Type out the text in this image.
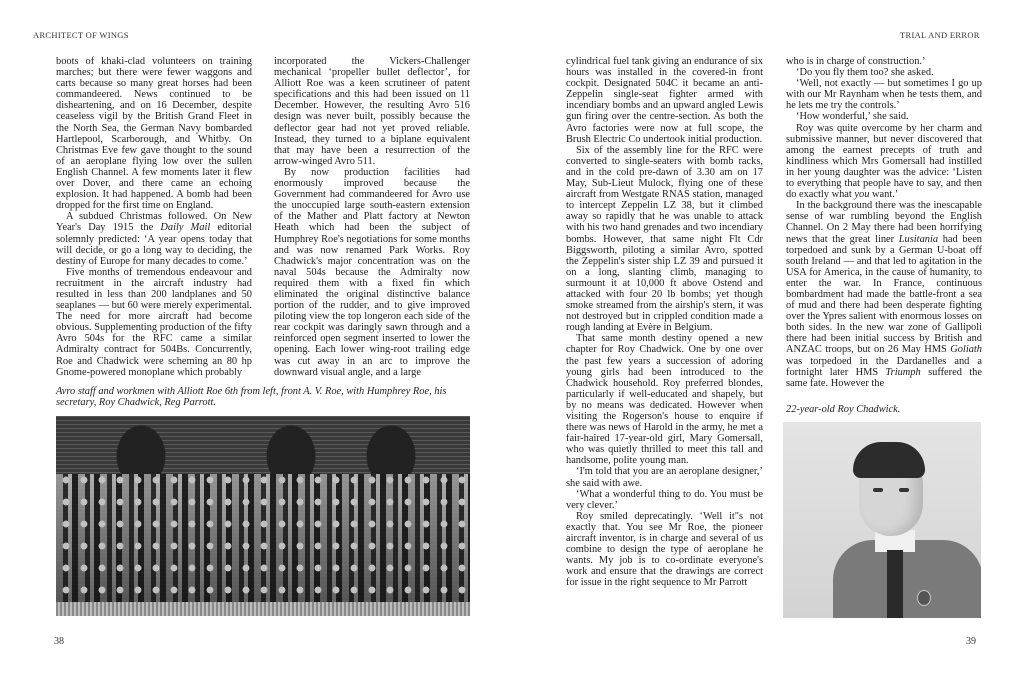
ARCHITECT OF WINGS

boots of khaki-clad volunteers on training marches; but there were fewer waggons and carts because so many great horses had been commandeered. News continued to be disheartening, and on 16 December, despite ceaseless vigil by the British Grand Fleet in the North Sea, the German Navy bombarded Hartlepool, Scarborough, and Whitby. On Christmas Eve few gave thought to the sound of an aeroplane flying low over the sullen English Channel. A few moments later it flew over Dover, and there came an echoing explosion. It had happened. A bomb had been dropped for the first time on England.

A subdued Christmas followed. On New Year's Day 1915 the Daily Mail editorial solemnly predicted: ‘A year opens today that will decide, or go a long way to deciding, the destiny of Europe for many decades to come.’

Five months of tremendous endeavour and recruitment in the aircraft industry had resulted in less than 200 landplanes and 50 seaplanes — but 60 were merely experimental. The need for more aircraft had become obvious. Supplementing production of the fifty Avro 504s for the RFC came a similar Admiralty contract for 504Bs. Concurrently, Roe and Chadwick were scheming an 80 hp Gnome-powered monoplane which probably

incorporated the Vickers-Challenger mechanical ‘propeller bullet deflector’, for Alliott Roe was a keen scrutineer of patent specifications and this had been issued on 11 December. However, the resulting Avro 516 design was never built, possibly because the deflector gear had not yet proved reliable. Instead, they turned to a biplane equivalent that may have been a resurrection of the arrow-winged Avro 511.

By now production facilities had enormously improved because the Government had commandeered for Avro use the unoccupied large south-eastern extension of the Mather and Platt factory at Newton Heath which had been the subject of Humphrey Roe's negotiations for some months and was now renamed Park Works. Roy Chadwick's major concentration was on the naval 504s because the Admiralty now required them with a fixed fin which eliminated the original distinctive balance portion of the rudder, and to give improved piloting view the top longeron each side of the rear cockpit was daringly sawn through and a reinforced open segment inserted to lower the opening. Each lower wing-root trailing edge was cut away in an arc to improve the downward visual angle, and a large

Avro staff and workmen with Alliott Roe 6th from left, front A. V. Roe, with Humphrey Roe, his secretary, Roy Chadwick, Reg Parrott.
38
TRIAL AND ERROR

cylindrical fuel tank giving an endurance of six hours was installed in the covered-in front cockpit. Designated 504C it became an anti-Zeppelin single-seat fighter armed with incendiary bombs and an upward angled Lewis gun firing over the centre-section. As both the Avro factories were now at full scope, the Brush Electric Co undertook initial production.

Six of the assembly line for the RFC were converted to single-seaters with bomb racks, and in the cold pre-dawn of 3.30 am on 17 May, Sub-Lieut Mulock, flying one of these aircraft from Westgate RNAS station, managed to intercept Zeppelin LZ 38, but it climbed away so rapidly that he was unable to attack with his two hand grenades and two incendiary bombs. However, that same night Flt Cdr Biggsworth, piloting a similar Avro, spotted the Zeppelin's sister ship LZ 39 and pursued it on a long, slanting climb, managing to surmount it at 10,000 ft above Ostend and attacked with four 20 lb bombs; yet though smoke streamed from the airship's stern, it was not destroyed but in crippled condition made a rough landing at Evère in Belgium.

That same month destiny opened a new chapter for Roy Chadwick. One by one over the past few years a succession of adoring young girls had been introduced to the Chadwick household. Roy preferred blondes, particularly if well-educated and shapely, but by no means was dedicated. However when visiting the Rogerson's house to enquire if there was news of Harold in the army, he met a fair-haired 17-year-old girl, Mary Gomersall, who was quietly thrilled to meet this tall and handsome, polite young man.

‘I'm told that you are an aeroplane designer,’ she said with awe.

‘What a wonderful thing to do. You must be very clever.’

Roy smiled deprecatingly. ‘Well it"s not exactly that. You see Mr Roe, the pioneer aircraft inventor, is in charge and several of us combine to design the type of aeroplane he wants. My job is to co-ordinate everyone's work and ensure that the drawings are correct for issue in the right sequence to Mr Parrott

who is in charge of construction.’

‘Do you fly them too? she asked.

‘Well, not exactly — but sometimes I go up with our Mr Raynham when he tests them, and he lets me try the controls.’

‘How wonderful,’ she said.

Roy was quite overcome by her charm and submissive manner, but never discovered that among the earnest precepts of truth and kindliness which Mrs Gomersall had instilled in her young daughter was the advice: ‘Listen to everything that people have to say, and then do exactly what you want.’

In the background there was the inescapable sense of war rumbling beyond the English Channel. On 2 May there had been horrifying news that the great liner Lusitania had been torpedoed and sunk by a German U-boat off south Ireland — and that led to agitation in the USA for America, in the cause of humanity, to enter the war. In France, continuous bombardment had made the battle-front a sea of mud and there had been desperate fighting over the Ypres salient with enormous losses on both sides. In the new war zone of Gallipoli there had been initial success by British and ANZAC troops, but on 26 May HMS Goliath was torpedoed in the Dardanelles and a fortnight later HMS Triumph suffered the same fate. However the

22-year-old Roy Chadwick.
39
